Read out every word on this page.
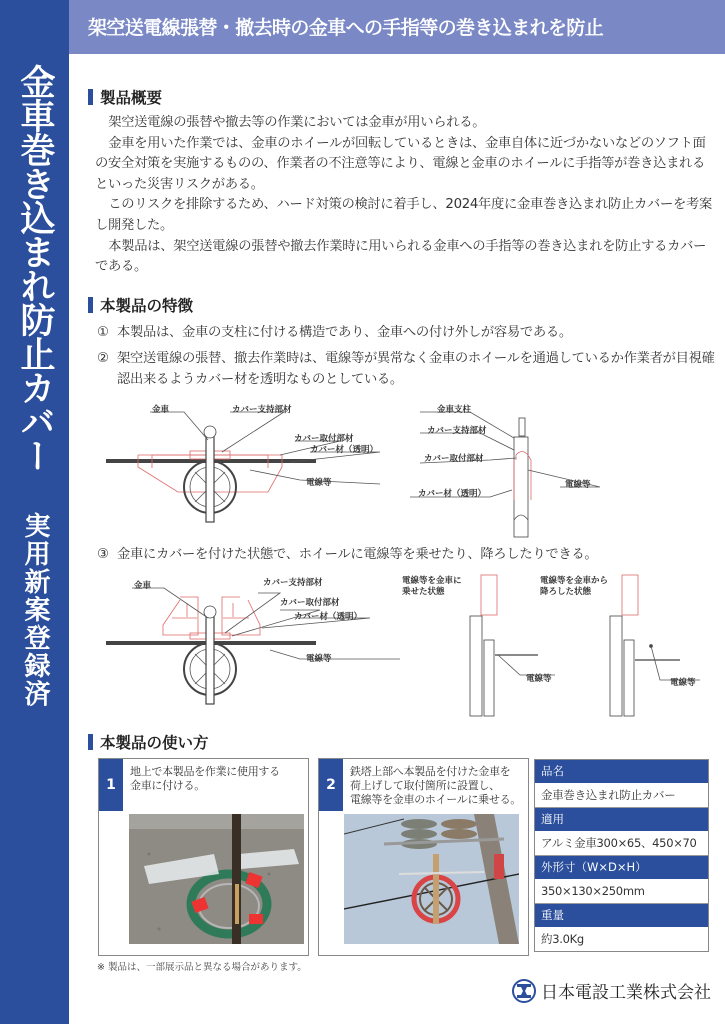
金車巻き込まれ防止カバー
実用新案登録済
架空送電線張替・撤去時の金車への手指等の巻き込まれを防止
製品概要

架空送電線の張替や撤去等の作業においては金車が用いられる。

金車を用いた作業では、金車のホイールが回転しているときは、金車自体に近づかないなどのソフト面の安全対策を実施するものの、作業者の不注意等により、電線と金車のホイールに手指等が巻き込まれるといった災害リスクがある。

このリスクを排除するため、ハード対策の検討に着手し、2024年度に金車巻き込まれ防止カバーを考案し開発した。

本製品は、架空送電線の張替や撤去作業時に用いられる金車への手指等の巻き込まれを防止するカバーである。

本製品の特徴
① 本製品は、金車の支柱に付ける構造であり、金車への付け外しが容易である。
② 架空送電線の張替、撤去作業時は、電線等が異常なく金車のホイールを通過しているか作業者が目視確認出来るようカバー材を透明なものとしている。
③ 金車にカバーを付けた状態で、ホイールに電線等を乗せたり、降ろしたりできる。
金車	カバー支持部材
カバー取付部材
カバー材（透明）
電線等
金車支柱
カバー支持部材
カバー取付部材
カバー材（透明）
電線等
金車	カバー支持部材
カバー取付部材
カバー材（透明）
電線等
電線等を金車に
乗せた状態
電線等
電線等を金車から
降ろした状態
電線等
本製品の使い方
1
地上で本製品を作業に使用する
金車に付ける。	2
鉄塔上部へ本製品を付けた金車を
荷上げして取付箇所に設置し、
電線等を金車のホイールに乗せる。
品名
金車巻き込まれ防止カバー
適用
アルミ金車300×65、450×70
外形寸（W×D×H）
350×130×250mm
重量
約3.0Kg
※ 製品は、一部展示品と異なる場合があります。
日本電設工業株式会社
